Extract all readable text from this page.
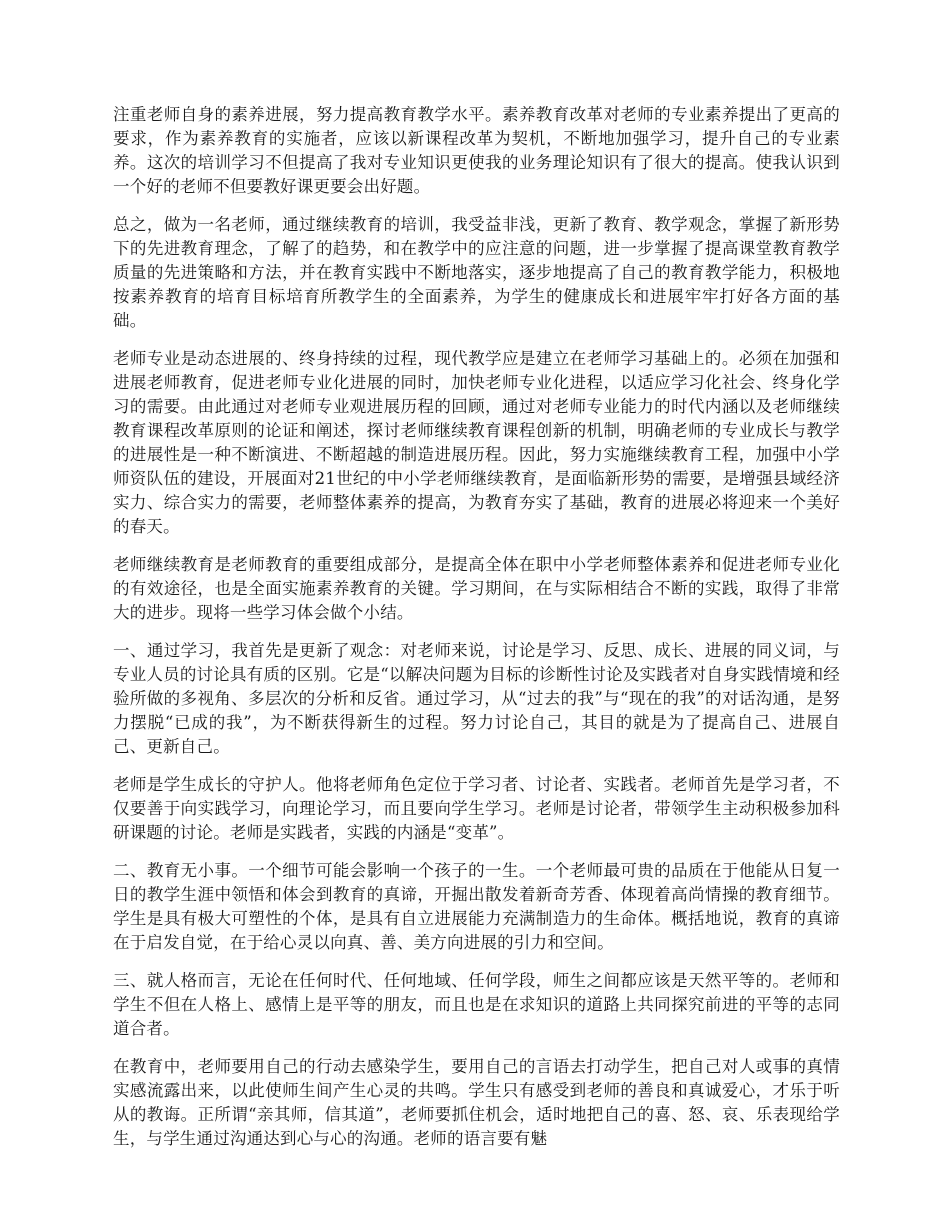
注重老师自身的素养进展，努力提高教育教学水平。素养教育改革对老师的专业素养提出了更高的要求，作为素养教育的实施者，应该以新课程改革为契机，不断地加强学习，提升自己的专业素养。这次的培训学习不但提高了我对专业知识更使我的业务理论知识有了很大的提高。使我认识到一个好的老师不但要教好课更要会出好题。

总之，做为一名老师，通过继续教育的培训，我受益非浅，更新了教育、教学观念，掌握了新形势下的先进教育理念，了解了的趋势，和在教学中的应注意的问题，进一步掌握了提高课堂教育教学质量的先进策略和方法，并在教育实践中不断地落实，逐步地提高了自己的教育教学能力，积极地按素养教育的培育目标培育所教学生的全面素养，为学生的健康成长和进展牢牢打好各方面的基础。

老师专业是动态进展的、终身持续的过程，现代教学应是建立在老师学习基础上的。必须在加强和进展老师教育，促进老师专业化进展的同时，加快老师专业化进程，以适应学习化社会、终身化学习的需要。由此通过对老师专业观进展历程的回顾，通过对老师专业能力的时代内涵以及老师继续教育课程改革原则的论证和阐述，探讨老师继续教育课程创新的机制，明确老师的专业成长与教学的进展性是一种不断演进、不断超越的制造进展历程。因此，努力实施继续教育工程，加强中小学师资队伍的建设，开展面对21世纪的中小学老师继续教育，是面临新形势的需要，是增强县域经济实力、综合实力的需要，老师整体素养的提高，为教育夯实了基础，教育的进展必将迎来一个美好的春天。

老师继续教育是老师教育的重要组成部分，是提高全体在职中小学老师整体素养和促进老师专业化的有效途径，也是全面实施素养教育的关键。学习期间，在与实际相结合不断的实践，取得了非常大的进步。现将一些学习体会做个小结。

一、通过学习，我首先是更新了观念：对老师来说，讨论是学习、反思、成长、进展的同义词，与专业人员的讨论具有质的区别。它是“以解决问题为目标的诊断性讨论及实践者对自身实践情境和经验所做的多视角、多层次的分析和反省。通过学习，从“过去的我”与“现在的我”的对话沟通，是努力摆脱“已成的我”，为不断获得新生的过程。努力讨论自己，其目的就是为了提高自己、进展自己、更新自己。

老师是学生成长的守护人。他将老师角色定位于学习者、讨论者、实践者。老师首先是学习者，不仅要善于向实践学习，向理论学习，而且要向学生学习。老师是讨论者，带领学生主动积极参加科研课题的讨论。老师是实践者，实践的内涵是“变革”。

二、教育无小事。一个细节可能会影响一个孩子的一生。一个老师最可贵的品质在于他能从日复一日的教学生涯中领悟和体会到教育的真谛，开掘出散发着新奇芳香、体现着高尚情操的教育细节。学生是具有极大可塑性的个体，是具有自立进展能力充满制造力的生命体。概括地说，教育的真谛在于启发自觉，在于给心灵以向真、善、美方向进展的引力和空间。

三、就人格而言，无论在任何时代、任何地域、任何学段，师生之间都应该是天然平等的。老师和学生不但在人格上、感情上是平等的朋友，而且也是在求知识的道路上共同探究前进的平等的志同道合者。

在教育中，老师要用自己的行动去感染学生，要用自己的言语去打动学生，把自己对人或事的真情实感流露出来，以此使师生间产生心灵的共鸣。学生只有感受到老师的善良和真诚爱心，才乐于听从的教诲。正所谓“亲其师，信其道”，老师要抓住机会，适时地把自己的喜、怒、哀、乐表现给学生，与学生通过沟通达到心与心的沟通。老师的语言要有魅
